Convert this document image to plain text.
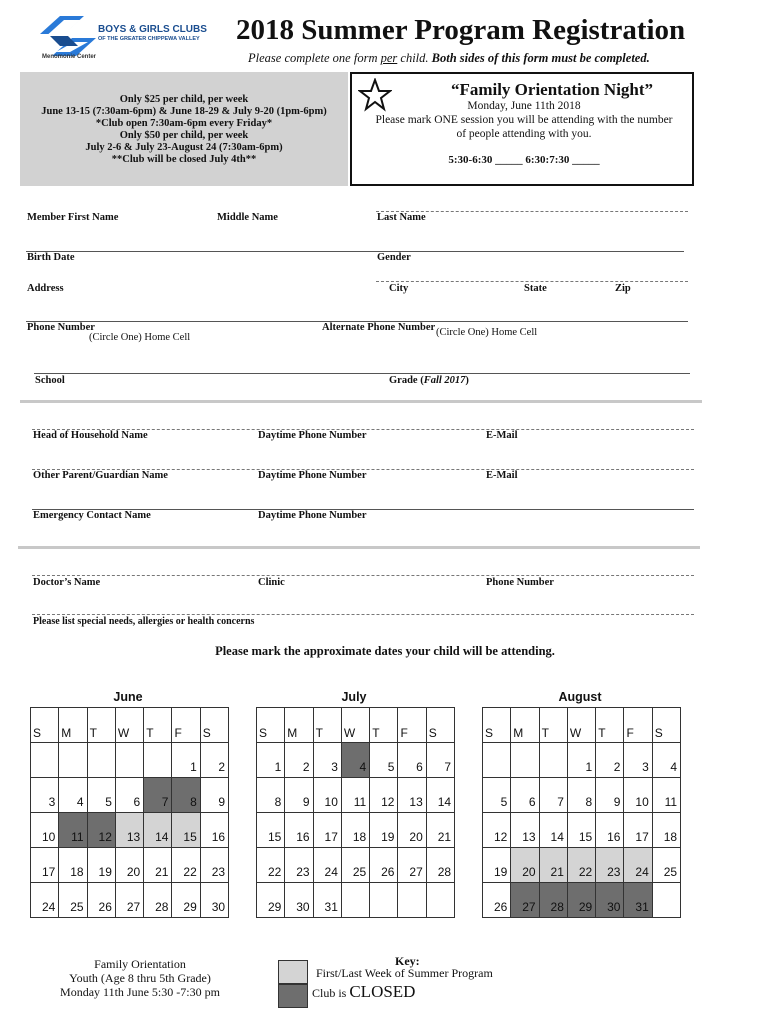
BOYS & GIRLS CLUBS
OF THE GREATER CHIPPEWA VALLEY
Menomonie Center
2018 Summer Program Registration
Please complete one form per child. Both sides of this form must be completed.
Only $25 per child, per week
June 13-15 (7:30am-6pm) & June 18-29 & July 9-20 (1pm-6pm)
*Club open 7:30am-6pm every Friday*
Only $50 per child, per week
July 2-6 & July 23-August 24 (7:30am-6pm)
**Club will be closed July 4th**
“Family Orientation Night”
Monday, June 11th 2018
Please mark ONE session you will be attending with the number
of people attending with you.
5:30-6:30 _____ 6:30:7:30 _____
Member First Name	Middle Name	Last Name
Birth Date	Gender
Address	City	State	Zip
Phone Number
(Circle One) Home Cell
Alternate Phone Number (Circle One) Home Cell
School	Grade (Fall 2017)
Head of Household Name	Daytime Phone Number	E-Mail
Other Parent/Guardian Name	Daytime Phone Number	E-Mail
Emergency Contact Name	Daytime Phone Number
Doctor’s Name	Clinic	Phone Number
Please list special needs, allergies or health concerns
Please mark the approximate dates your child will be attending.
June
S	M	T	W	T	F	S
					1	2
3	4	5	6	7	8	9
10	11	12	13	14	15	16
17	18	19	20	21	22	23
24	25	26	27	28	29	30
July
S	M	T	W	T	F	S
1	2	3	4	5	6	7
8	9	10	11	12	13	14
15	16	17	18	19	20	21
22	23	24	25	26	27	28
29	30	31				
August
S	M	T	W	T	F	S
			1	2	3	4
5	6	7	8	9	10	11
12	13	14	15	16	17	18
19	20	21	22	23	24	25
26	27	28	29	30	31	
Family Orientation
Youth (Age 8 thru 5th Grade)
Monday 11th June 5:30 -7:30 pm
Key:
First/Last Week of Summer Program
Club is CLOSED
